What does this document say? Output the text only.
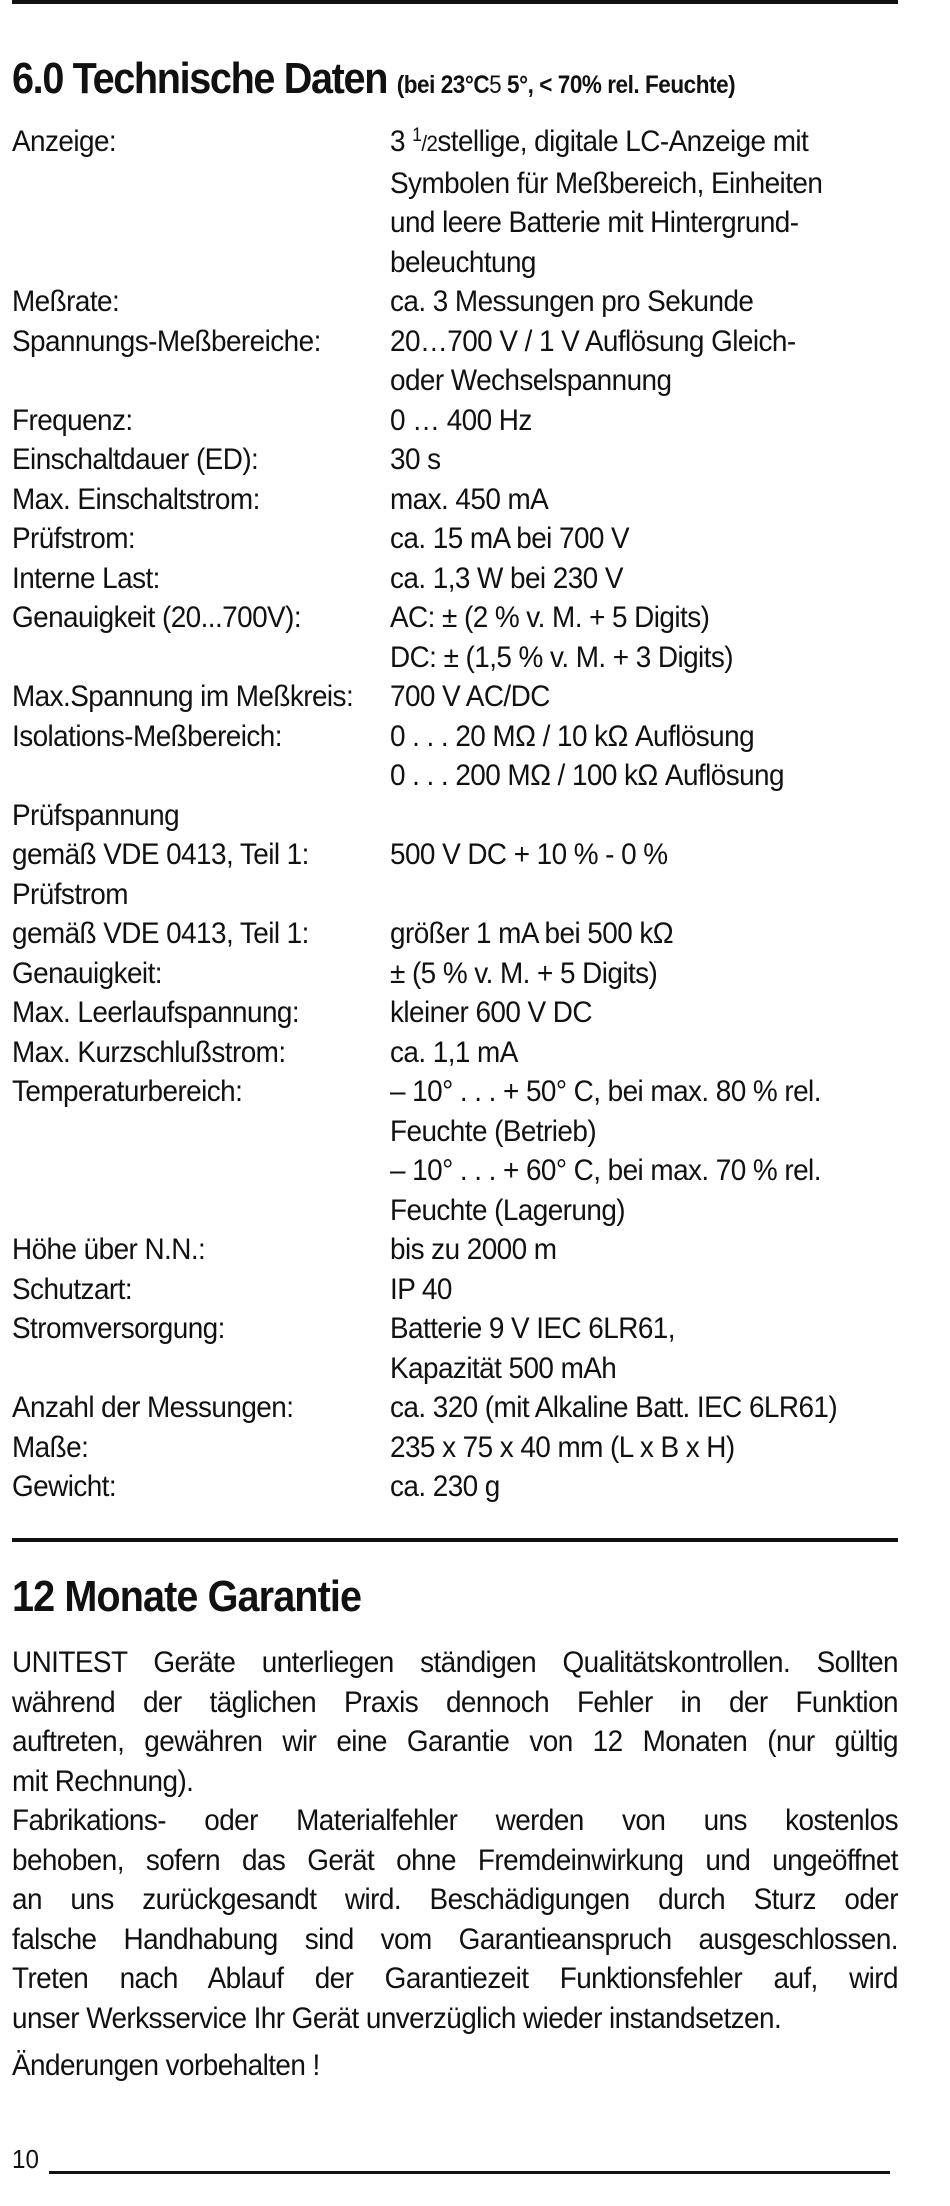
6.0 Technische Daten (bei 23°C5 5°, < 70% rel. Feuchte)
Anzeige:	3 $^1$/2stellige, digitale LC-Anzeige mit
Symbolen für Meßbereich, Einheiten
und leere Batterie mit Hintergrund-
beleuchtung
Meßrate:	ca. 3 Messungen pro Sekunde
Spannungs-Meßbereiche:	20…700 V / 1 V Auflösung Gleich-
oder Wechselspannung
Frequenz:	0 … 400 Hz
Einschaltdauer (ED):	30 s
Max. Einschaltstrom:	max. 450 mA
Prüfstrom:	ca. 15 mA bei 700 V
Interne Last:	ca. 1,3 W bei 230 V
Genauigkeit (20...700V):	AC: ± (2 % v. M. + 5 Digits)
DC: ± (1,5 % v. M. + 3 Digits)
Max.Spannung im Meßkreis:	700 V AC/DC
Isolations-Meßbereich:	0 . . . 20 MΩ / 10 kΩ Auflösung
0 . . . 200 MΩ / 100 kΩ Auflösung
Prüfspannung
gemäß VDE 0413, Teil 1:	500 V DC + 10 % - 0 %
Prüfstrom
gemäß VDE 0413, Teil 1:	größer 1 mA bei 500 kΩ
Genauigkeit:	± (5 % v. M. + 5 Digits)
Max. Leerlaufspannung:	kleiner 600 V DC
Max. Kurzschlußstrom:	ca. 1,1 mA
Temperaturbereich:	– 10° . . . + 50° C, bei max. 80 % rel.
Feuchte (Betrieb)
– 10° . . . + 60° C, bei max. 70 % rel.
Feuchte (Lagerung)
Höhe über N.N.:	bis zu 2000 m
Schutzart:	IP 40
Stromversorgung:	Batterie 9 V IEC 6LR61,
Kapazität 500 mAh
Anzahl der Messungen:	ca. 320 (mit Alkaline Batt. IEC 6LR61)
Maße:	235 x 75 x 40 mm (L x B x H)
Gewicht:	ca. 230 g
12 Monate Garantie
UNITEST Geräte unterliegen ständigen Qualitätskontrollen. Sollten
während der täglichen Praxis dennoch Fehler in der Funktion
auftreten, gewähren wir eine Garantie von 12 Monaten (nur gültig
mit Rechnung).
Fabrikations- oder Materialfehler werden von uns kostenlos
behoben, sofern das Gerät ohne Fremdeinwirkung und ungeöffnet
an uns zurückgesandt wird. Beschädigungen durch Sturz oder
falsche Handhabung sind vom Garantieanspruch ausgeschlossen.
Treten nach Ablauf der Garantiezeit Funktionsfehler auf, wird
unser Werksservice Ihr Gerät unverzüglich wieder instandsetzen.
Änderungen vorbehalten !
10
